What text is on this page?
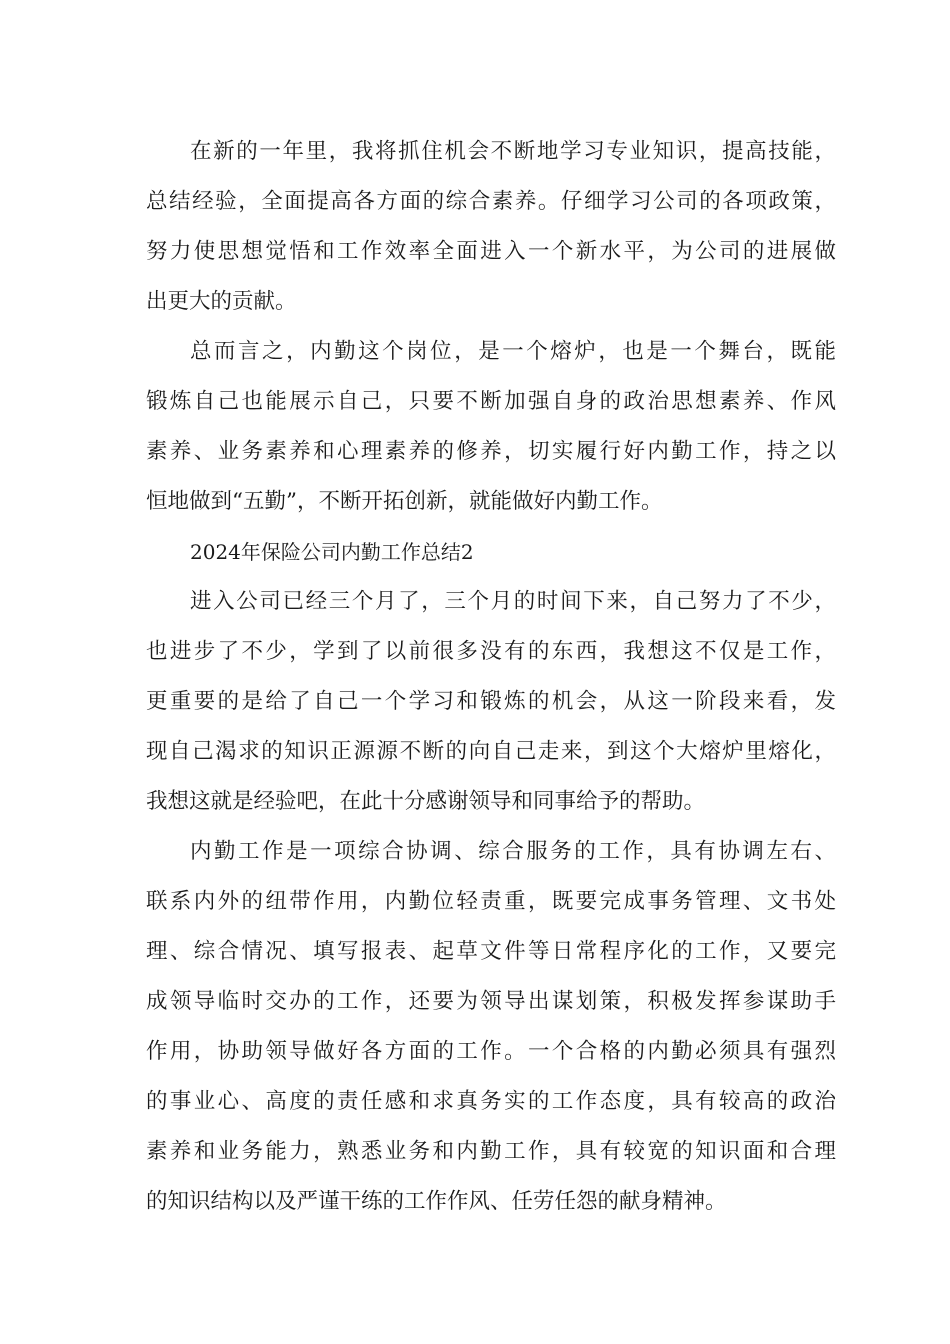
在新的一年里，我将抓住机会不断地学习专业知识，提高技能，
总结经验，全面提高各方面的综合素养。仔细学习公司的各项政策，
努力使思想觉悟和工作效率全面进入一个新水平，为公司的进展做
出更大的贡献。
总而言之，内勤这个岗位，是一个熔炉，也是一个舞台，既能
锻炼自己也能展示自己，只要不断加强自身的政治思想素养、作风
素养、业务素养和心理素养的修养，切实履行好内勤工作，持之以
恒地做到“五勤”，不断开拓创新，就能做好内勤工作。
2024年保险公司内勤工作总结2
进入公司已经三个月了，三个月的时间下来，自己努力了不少，
也进步了不少，学到了以前很多没有的东西，我想这不仅是工作，
更重要的是给了自己一个学习和锻炼的机会，从这一阶段来看，发
现自己渴求的知识正源源不断的向自己走来，到这个大熔炉里熔化，
我想这就是经验吧，在此十分感谢领导和同事给予的帮助。
内勤工作是一项综合协调、综合服务的工作，具有协调左右、
联系内外的纽带作用，内勤位轻责重，既要完成事务管理、文书处
理、综合情况、填写报表、起草文件等日常程序化的工作，又要完
成领导临时交办的工作，还要为领导出谋划策，积极发挥参谋助手
作用，协助领导做好各方面的工作。一个合格的内勤必须具有强烈
的事业心、高度的责任感和求真务实的工作态度，具有较高的政治
素养和业务能力，熟悉业务和内勤工作，具有较宽的知识面和合理
的知识结构以及严谨干练的工作作风、任劳任怨的献身精神。
